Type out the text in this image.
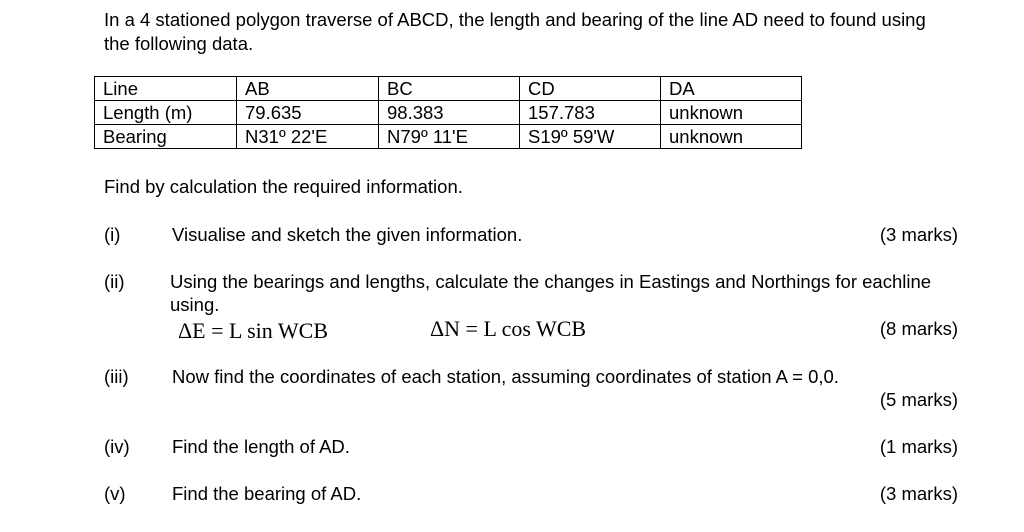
In a 4 stationed polygon traverse of ABCD, the length and bearing of the line AD need to found using the following data.
Line	AB	BC	CD	DA
Length (m)	79.635	98.383	157.783	unknown
Bearing	N31º 22'E	N79º 11'E	S19º 59'W	unknown
Find by calculation the required information.
(i)	Visualise and sketch the given information.	(3 marks)
(ii) Using the bearings and lengths, calculate the changes in Eastings and Northings for eachline using.
ΔE = L sin WCB	ΔN = L cos WCB	(8 marks)
(iii) Now find the coordinates of each station, assuming coordinates of station A = 0,0.
(5 marks)
(iv) Find the length of AD.	(1 marks)
(v)	Find the bearing of AD.	(3 marks)
